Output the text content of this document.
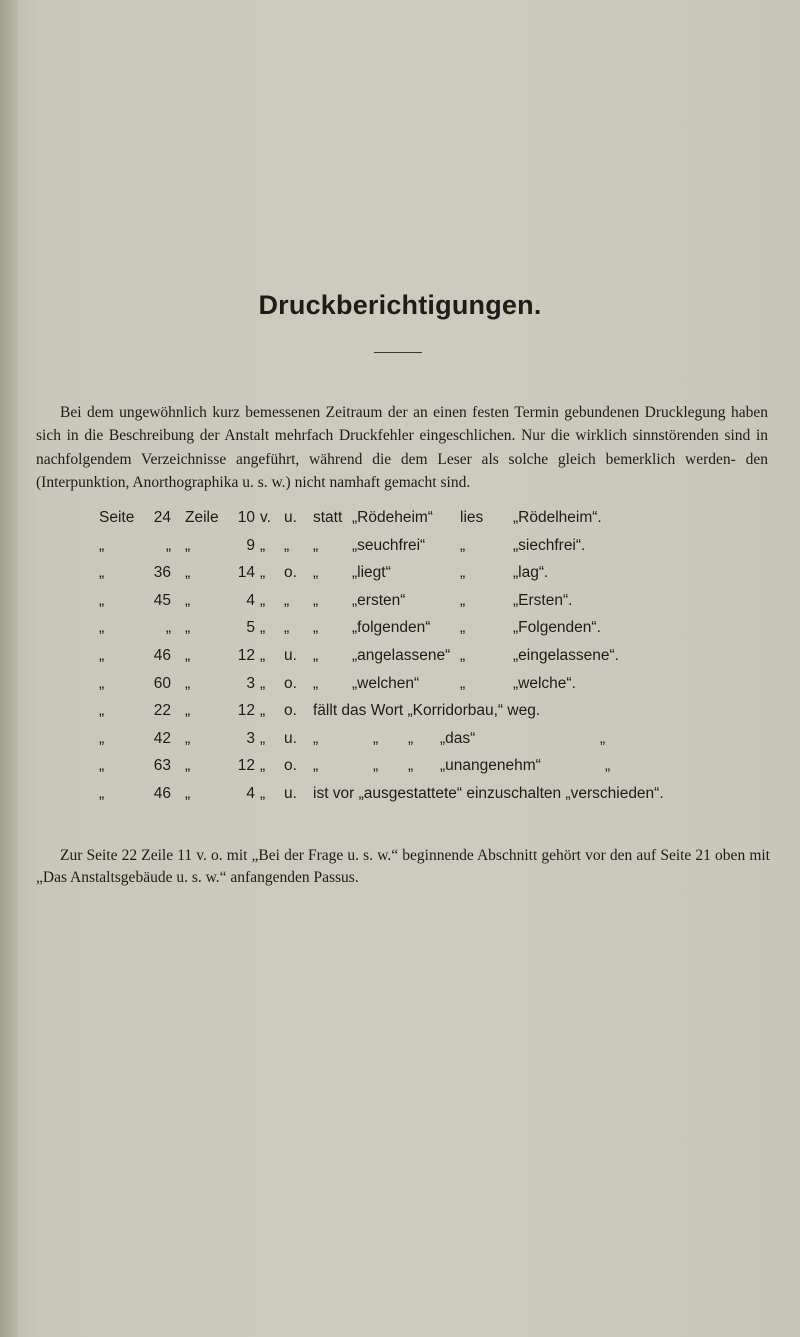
Druckberichtigungen.

Bei dem ungewöhnlich kurz bemessenen Zeitraum der an einen festen Termin gebundenen Drucklegung haben sich in die Beschreibung der Anstalt mehrfach Druckfehler eingeschlichen. Nur die wirklich sinnstörenden sind in nachfolgendem Verzeichnisse angeführt, während die dem Leser als solche gleich bemerklich werden- den (Interpunktion, Anorthographika u. s. w.) nicht namhaft gemacht sind.

Seite	24 Zeile	10 v. u. statt „Rödeheim“ lies „Rödelheim“.
„	„ „	9 „ „ „ „seuchfrei“ „	„siechfrei“.
„	36 „	14 „ o. „ „liegt“	„	„lag“.
„	45 „	4 „ „ „ „ersten“	„	„Ersten“.
„	„ „	5 „ „ „ „folgenden“ „	„Folgenden“.
„	46 „	12 „ u. „ „angelassene“ „	„eingelassene“.
„	60 „	3 „ o. „ „welchen“	„	„welche“.
„	22 „	12 „ o. fällt das Wort „Korridorbau,“ weg.
„	42 „	3 „ u. „	„ „ „das“	„
„	63 „	12 „ o. „	„ „ „unangenehm“	„
„	46 „	4 „ u. ist vor „ausgestattete“ einzuschalten „verschieden“.

Zur Seite 22 Zeile 11 v. o. mit „Bei der Frage u. s. w.“ beginnende Abschnitt gehört vor den auf Seite 21 oben mit „Das Anstaltsgebäude u. s. w.“ anfangenden Passus.
